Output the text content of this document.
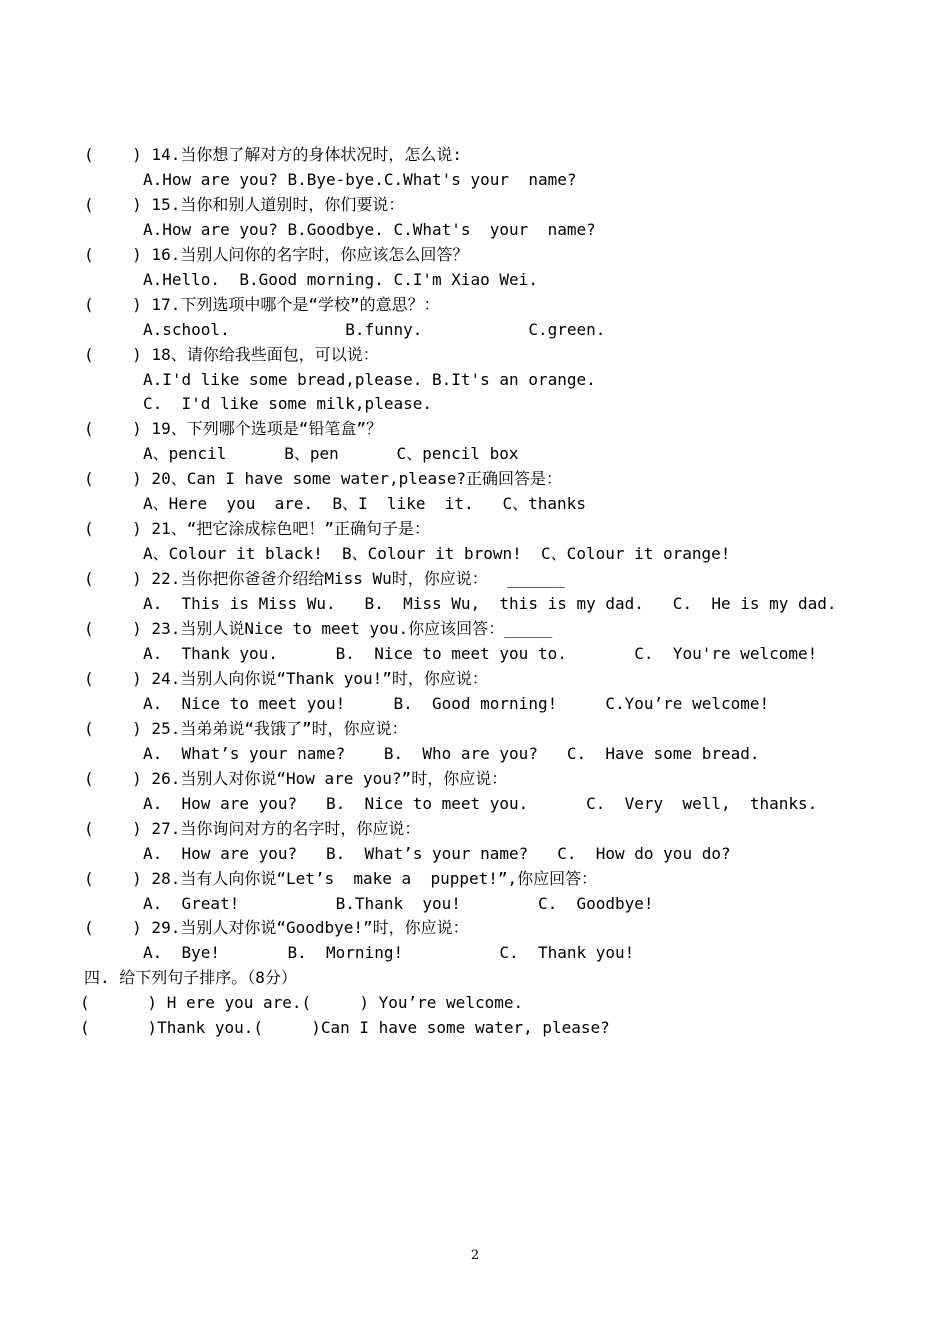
(    ) 14.当你想了解对方的身体状况时，怎么说:
A.How are you? B.Bye-bye.C.What's your  name?
(    ) 15.当你和别人道别时，你们要说：
A.How are you? B.Goodbye. C.What's  your  name?
(    ) 16.当别人问你的名字时，你应该怎么回答？
A.Hello.  B.Good morning. C.I'm Xiao Wei.
(    ) 17.下列选项中哪个是“学校”的意思？：
A.school.            B.funny.           C.green.
(    ) 18、请你给我些面包，可以说：
A.I'd like some bread,please. B.It's an orange.
C.  I'd like some milk,please.
(    ) 19、下列哪个选项是“铅笔盒”？
A、pencil      B、pen      C、pencil box
(    ) 20、Can I have some water,please?正确回答是：
A、Here  you  are.  B、I  like  it.   C、thanks
(    ) 21、“把它涂成棕色吧！”正确句子是：
A、Colour it black!  B、Colour it brown!  C、Colour it orange!
(    ) 22.当你把你爸爸介绍给Miss Wu时，你应说：  ______
A.  This is Miss Wu.   B.  Miss Wu,  this is my dad.   C.  He is my dad.
(    ) 23.当别人说Nice to meet you.你应该回答：_____
A.  Thank you.      B.  Nice to meet you to.       C.  You're welcome!
(    ) 24.当别人向你说“Thank you!”时，你应说：
A.  Nice to meet you!     B.  Good morning!     C.You’re welcome!
(    ) 25.当弟弟说“我饿了”时，你应说：
A.  What’s your name?    B.  Who are you?   C.  Have some bread.
(    ) 26.当别人对你说“How are you?”时，你应说：
A.  How are you?   B.  Nice to meet you.      C.  Very  well,  thanks.
(    ) 27.当你询问对方的名字时，你应说：
A.  How are you?   B.  What’s your name?   C.  How do you do?
(    ) 28.当有人向你说“Let’s  make a  puppet!”,你应回答：
A.  Great!          B.Thank  you!        C.  Goodbye!
(    ) 29.当别人对你说“Goodbye!”时，你应说：
A.  Bye!       B.  Morning!          C.  Thank you!
四. 给下列句子排序。（8分）
(      ) H ere you are.(     ) You’re welcome.
(      )Thank you.(     )Can I have some water, please?
2
